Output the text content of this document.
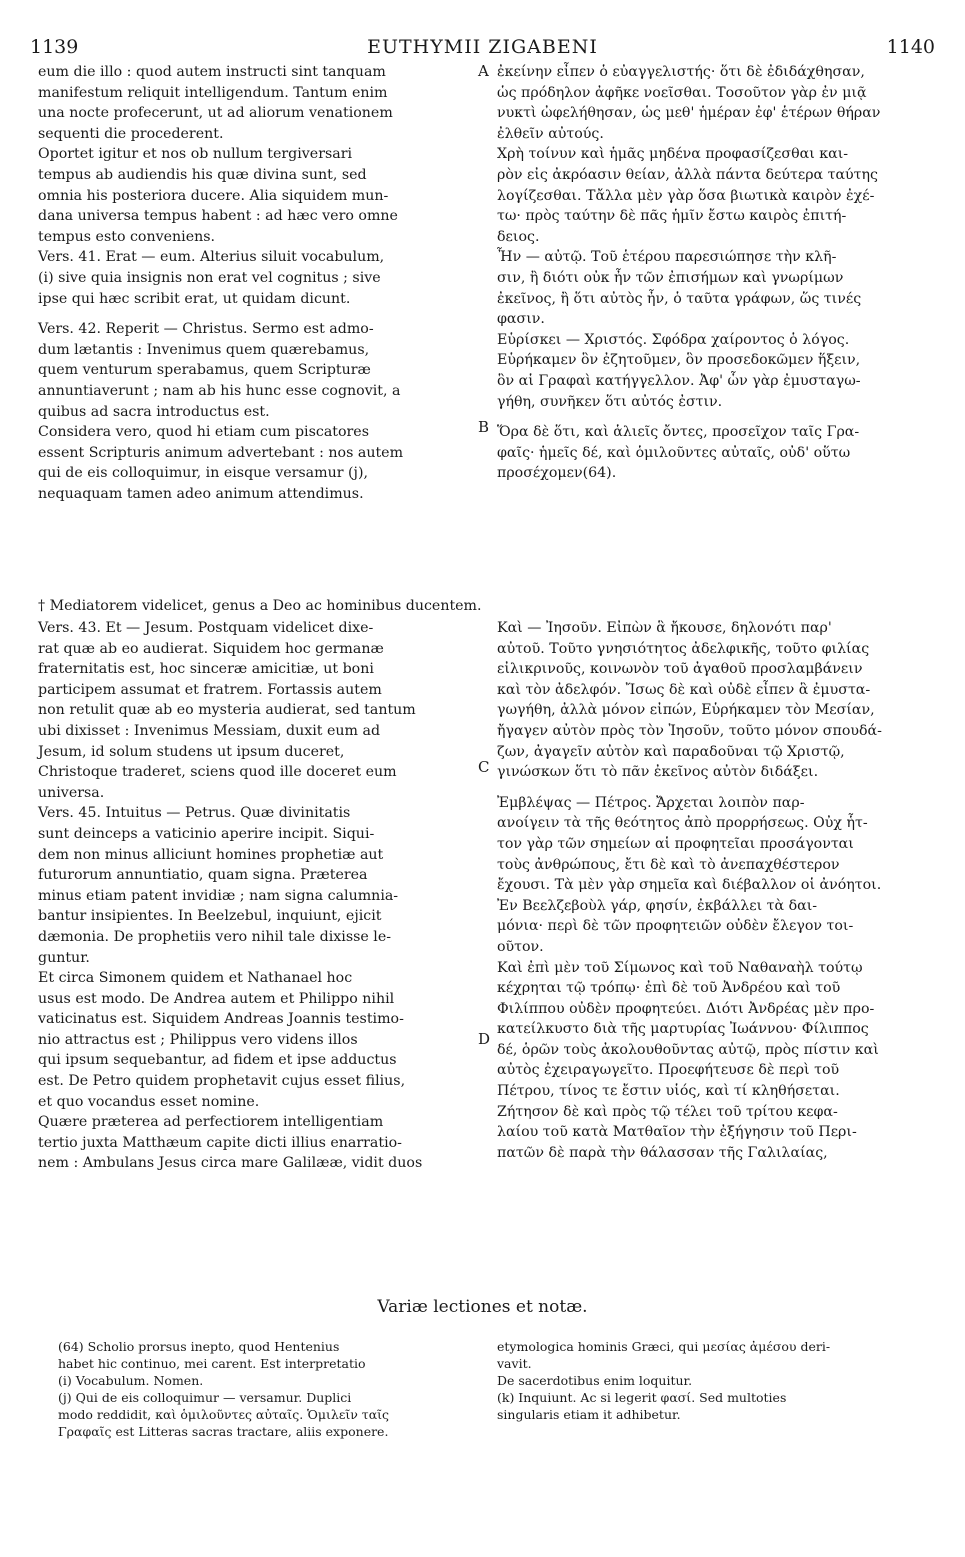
1139	EUTHYMII ZIGABENI	1140

eum die illo : quod autem instructi sint tanquam

manifestum reliquit intelligendum. Tantum enim

una nocte profecerunt, ut ad aliorum venationem

sequenti die procederent.

Oportet igitur et nos ob nullum tergiversari

tempus ab audiendis his quæ divina sunt, sed

omnia his posteriora ducere. Alia siquidem mun-

dana universa tempus habent : ad hæc vero omne

tempus esto conveniens.

Vers. 41. Erat — eum. Alterius siluit vocabulum,

(i) sive quia insignis non erat vel cognitus ; sive

ipse qui hæc scribit erat, ut quidam dicunt.

Vers. 42. Reperit — Christus. Sermo est admo-

dum lætantis : Invenimus quem quærebamus,

quem venturum sperabamus, quem Scripturæ

annuntiaverunt ; nam ab his hunc esse cognovit, a

quibus ad sacra introductus est.

Considera vero, quod hi etiam cum piscatores

essent Scripturis animum advertebant : nos autem

qui de eis colloquimur, in eisque versamur (j),

nequaquam tamen adeo animum attendimus.

ἐκείνην εἶπεν ὁ εὐαγγελιστής· ὅτι δὲ ἐδιδάχθησαν,

ὡς πρόδηλον ἀφῆκε νοεῖσθαι. Τοσοῦτον γὰρ ἐν μιᾷ

νυκτὶ ὠφελήθησαν, ὡς μεθ' ἡμέραν ἐφ' ἑτέρων θήραν

ἐλθεῖν αὐτούς.

Χρὴ τοίνυν καὶ ἡμᾶς μηδένα προφασίζεσθαι και-

ρὸν εἰς ἀκρόασιν θείαν, ἀλλὰ πάντα δεύτερα ταύτης

λογίζεσθαι. Τἄλλα μὲν γὰρ ὅσα βιωτικὰ καιρὸν ἐχέ-

τω· πρὸς ταύτην δὲ πᾶς ἡμῖν ἔστω καιρὸς ἐπιτή-

δειος.

Ἦν — αὐτῷ. Τοῦ ἑτέρου παρεσιώπησε τὴν κλῆ-

σιν, ἢ διότι οὐκ ἦν τῶν ἐπισήμων καὶ γνωρίμων

ἐκεῖνος, ἢ ὅτι αὐτὸς ἦν, ὁ ταῦτα γράφων, ὥς τινές

φασιν.

Εὑρίσκει — Χριστός. Σφόδρα χαίροντος ὁ λόγος.

Εὑρήκαμεν ὃν ἐζητοῦμεν, ὃν προσεδοκῶμεν ἥξειν,

ὃν αἱ Γραφαὶ κατήγγελλον. Ἀφ' ὧν γὰρ ἐμυσταγω-

γήθη, συνῆκεν ὅτι αὐτός ἐστιν.

Ὅρα δὲ ὅτι, καὶ ἁλιεῖς ὄντες, προσεῖχον ταῖς Γρα-

φαῖς· ἡμεῖς δέ, καὶ ὁμιλοῦντες αὐταῖς, οὐδ' οὕτω

προσέχομεν(64).

A
B
† Mediatorem videlicet, genus a Deo ac hominibus ducentem.

Vers. 43. Et — Jesum. Postquam videlicet dixe-

rat quæ ab eo audierat. Siquidem hoc germanæ

fraternitatis est, hoc sinceræ amicitiæ, ut boni

participem assumat et fratrem. Fortassis autem

non retulit quæ ab eo mysteria audierat, sed tantum

ubi dixisset : Invenimus Messiam, duxit eum ad

Jesum, id solum studens ut ipsum duceret,

Christoque traderet, sciens quod ille doceret eum

universa.

Vers. 45. Intuitus — Petrus. Quæ divinitatis

sunt deinceps a vaticinio aperire incipit. Siqui-

dem non minus alliciunt homines prophetiæ aut

futurorum annuntiatio, quam signa. Præterea

minus etiam patent invidiæ ; nam signa calumnia-

bantur insipientes. In Beelzebul, inquiunt, ejicit

dæmonia. De prophetiis vero nihil tale dixisse le-

guntur.

Et circa Simonem quidem et Nathanael hoc

usus est modo. De Andrea autem et Philippo nihil

vaticinatus est. Siquidem Andreas Joannis testimo-

nio attractus est ; Philippus vero videns illos

qui ipsum sequebantur, ad fidem et ipse adductus

est. De Petro quidem prophetavit cujus esset filius,

et quo vocandus esset nomine.

Quære præterea ad perfectiorem intelligentiam

tertio juxta Matthæum capite dicti illius enarratio-

nem : Ambulans Jesus circa mare Galilææ, vidit duos

Καὶ — Ἰησοῦν. Εἰπὼν ἃ ἤκουσε, δηλονότι παρ'

αὐτοῦ. Τοῦτο γνησιότητος ἀδελφικῆς, τοῦτο φιλίας

εἰλικρινοῦς, κοινωνὸν τοῦ ἀγαθοῦ προσλαμβάνειν

καὶ τὸν ἀδελφόν. Ἴσως δὲ καὶ οὐδὲ εἶπεν ἃ ἐμυστα-

γωγήθη, ἀλλὰ μόνον εἰπών, Εὑρήκαμεν τὸν Μεσίαν,

ἤγαγεν αὐτὸν πρὸς τὸν Ἰησοῦν, τοῦτο μόνον σπουδά-

ζων, ἀγαγεῖν αὐτὸν καὶ παραδοῦναι τῷ Χριστῷ,

γινώσκων ὅτι τὸ πᾶν ἐκεῖνος αὐτὸν διδάξει.

Ἐμβλέψας — Πέτρος. Ἄρχεται λοιπὸν παρ-

ανοίγειν τὰ τῆς θεότητος ἀπὸ προρρήσεως. Οὐχ ἧτ-

τον γὰρ τῶν σημείων αἱ προφητεῖαι προσάγονται

τοὺς ἀνθρώπους, ἔτι δὲ καὶ τὸ ἀνεπαχθέστερον

ἔχουσι. Τὰ μὲν γὰρ σημεῖα καὶ διέβαλλον οἱ ἀνόητοι.

Ἐν Βεελζεβοὺλ γάρ, φησίν, ἐκβάλλει τὰ δαι-

μόνια· περὶ δὲ τῶν προφητειῶν οὐδὲν ἔλεγον τοι-

οῦτον.

Καὶ ἐπὶ μὲν τοῦ Σίμωνος καὶ τοῦ Ναθαναὴλ τούτῳ

κέχρηται τῷ τρόπῳ· ἐπὶ δὲ τοῦ Ἀνδρέου καὶ τοῦ

Φιλίππου οὐδὲν προφητεύει. Διότι Ἀνδρέας μὲν προ-

κατείλκυστο διὰ τῆς μαρτυρίας Ἰωάννου· Φίλιππος

δέ, ὁρῶν τοὺς ἀκολουθοῦντας αὐτῷ, πρὸς πίστιν καὶ

αὐτὸς ἐχειραγωγεῖτο. Προεφήτευσε δὲ περὶ τοῦ

Πέτρου, τίνος τε ἔστιν υἱός, καὶ τί κληθήσεται.

Ζήτησον δὲ καὶ πρὸς τῷ τέλει τοῦ τρίτου κεφα-

λαίου τοῦ κατὰ Ματθαῖον τὴν ἐξήγησιν τοῦ Περι-

πατῶν δὲ παρὰ τὴν θάλασσαν τῆς Γαλιλαίας,

C
D
Variæ lectiones et notæ.

(64) Scholio prorsus inepto, quod Hentenius

habet hic continuo, mei carent. Est interpretatio

(i) Vocabulum. Nomen.

(j) Qui de eis colloquimur — versamur. Duplici

modo reddidit, καὶ ὁμιλοῦντες αὐταῖς. Ὁμιλεῖν ταῖς

Γραφαῖς est Litteras sacras tractare, aliis exponere.

etymologica hominis Græci, qui μεσίας ἀμέσου deri-

vavit.

De sacerdotibus enim loquitur.

(k) Inquiunt. Ac si legerit φασί. Sed multoties

singularis etiam it adhibetur.
